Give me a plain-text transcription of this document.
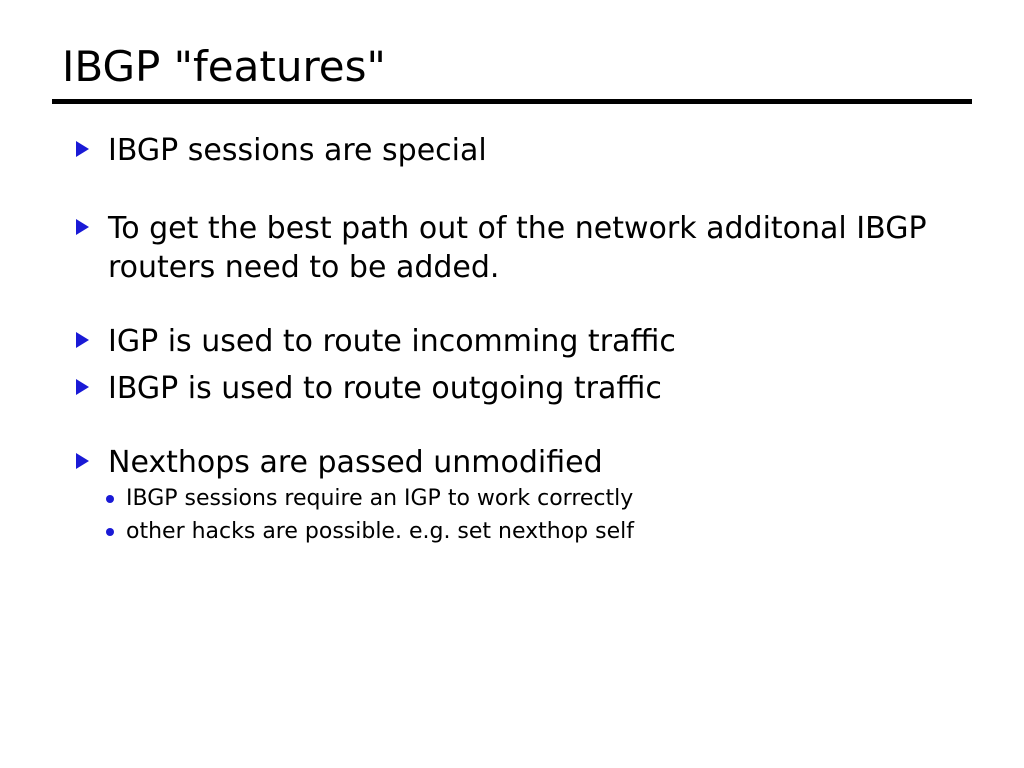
IBGP "features"
IBGP sessions are special
To get the best path out of the network additonal IBGP routers need to be added.
IGP is used to route incomming traffic
IBGP is used to route outgoing traffic
Nexthops are passed unmodified
IBGP sessions require an IGP to work correctly
other hacks are possible. e.g. set nexthop self
